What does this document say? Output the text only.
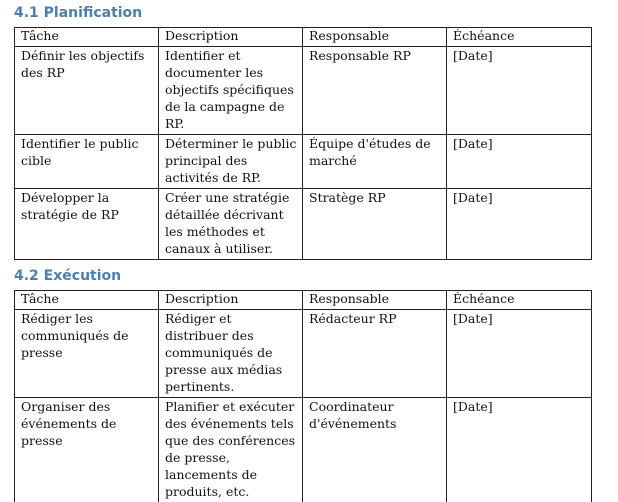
4.1 Planification
Tâche	Description	Responsable	Échéance
Définir les objectifs des RP	Identifier et documenter les objectifs spécifiques de la campagne de RP.	Responsable RP	[Date]
Identifier le public cible	Déterminer le public principal des activités de RP.	Équipe d'études de marché	[Date]
Développer la stratégie de RP	Créer une stratégie détaillée décrivant les méthodes et canaux à utiliser.	Stratège RP	[Date]
4.2 Exécution
Tâche	Description	Responsable	Échéance
Rédiger les communiqués de presse	Rédiger et distribuer des communiqués de presse aux médias pertinents.	Rédacteur RP	[Date]
Organiser des événements de presse	Planifier et exécuter des événements tels que des conférences de presse, lancements de produits, etc.	Coordinateur d'événements	[Date]
